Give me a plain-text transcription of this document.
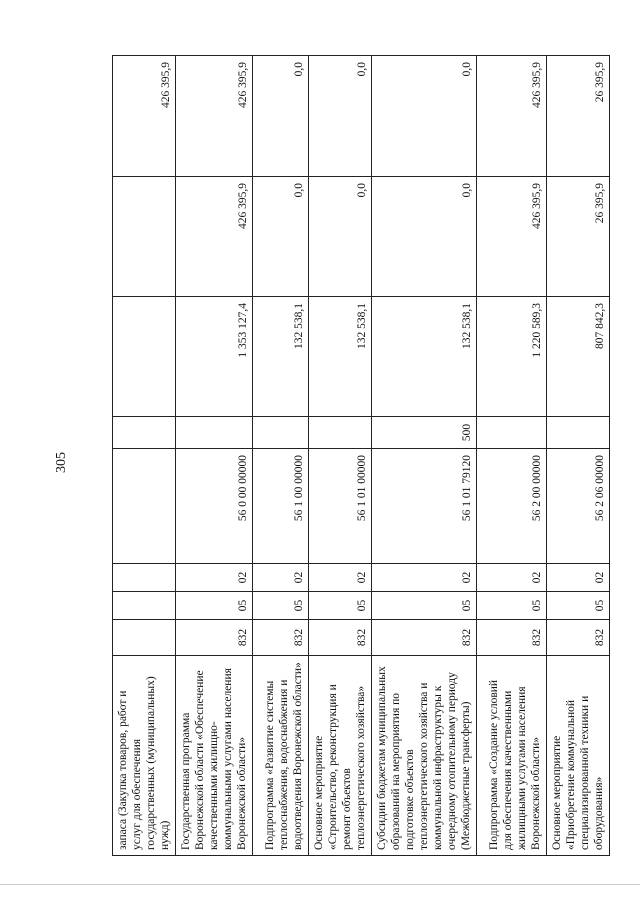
305
запаса (Закупка товаров, работ и услуг для обеспечения государственных (муниципальных) нужд)								426 395,9
Государственная программа Воронежской области «Обеспечение качественными жилищно-коммунальными услугами населения Воронежской области»	832	05	02	56 0 00 00000		1 353 127,4	426 395,9	426 395,9
Подпрограмма «Развитие системы теплоснабжения, водоснабжения и водоотведения Воронежской области»	832	05	02	56 1 00 00000		132 538,1	0,0	0,0
Основное мероприятие «Строительство, реконструкция и ремонт объектов теплоэнергетического хозяйства»	832	05	02	56 1 01 00000		132 538,1	0,0	0,0
Субсидии бюджетам муниципальных образований на мероприятия по подготовке объектов теплоэнергетического хозяйства и коммунальной инфраструктуры к очередному отопительному периоду (Межбюджетные трансферты)	832	05	02	56 1 01 79120	500	132 538,1	0,0	0,0
Подпрограмма «Создание условий для обеспечения качественными жилищными услугами населения Воронежской области»	832	05	02	56 2 00 00000		1 220 589,3	426 395,9	426 395,9
Основное мероприятие «Приобретение коммунальной специализированной техники и оборудования»	832	05	02	56 2 06 00000		807 842,3	26 395,9	26 395,9
